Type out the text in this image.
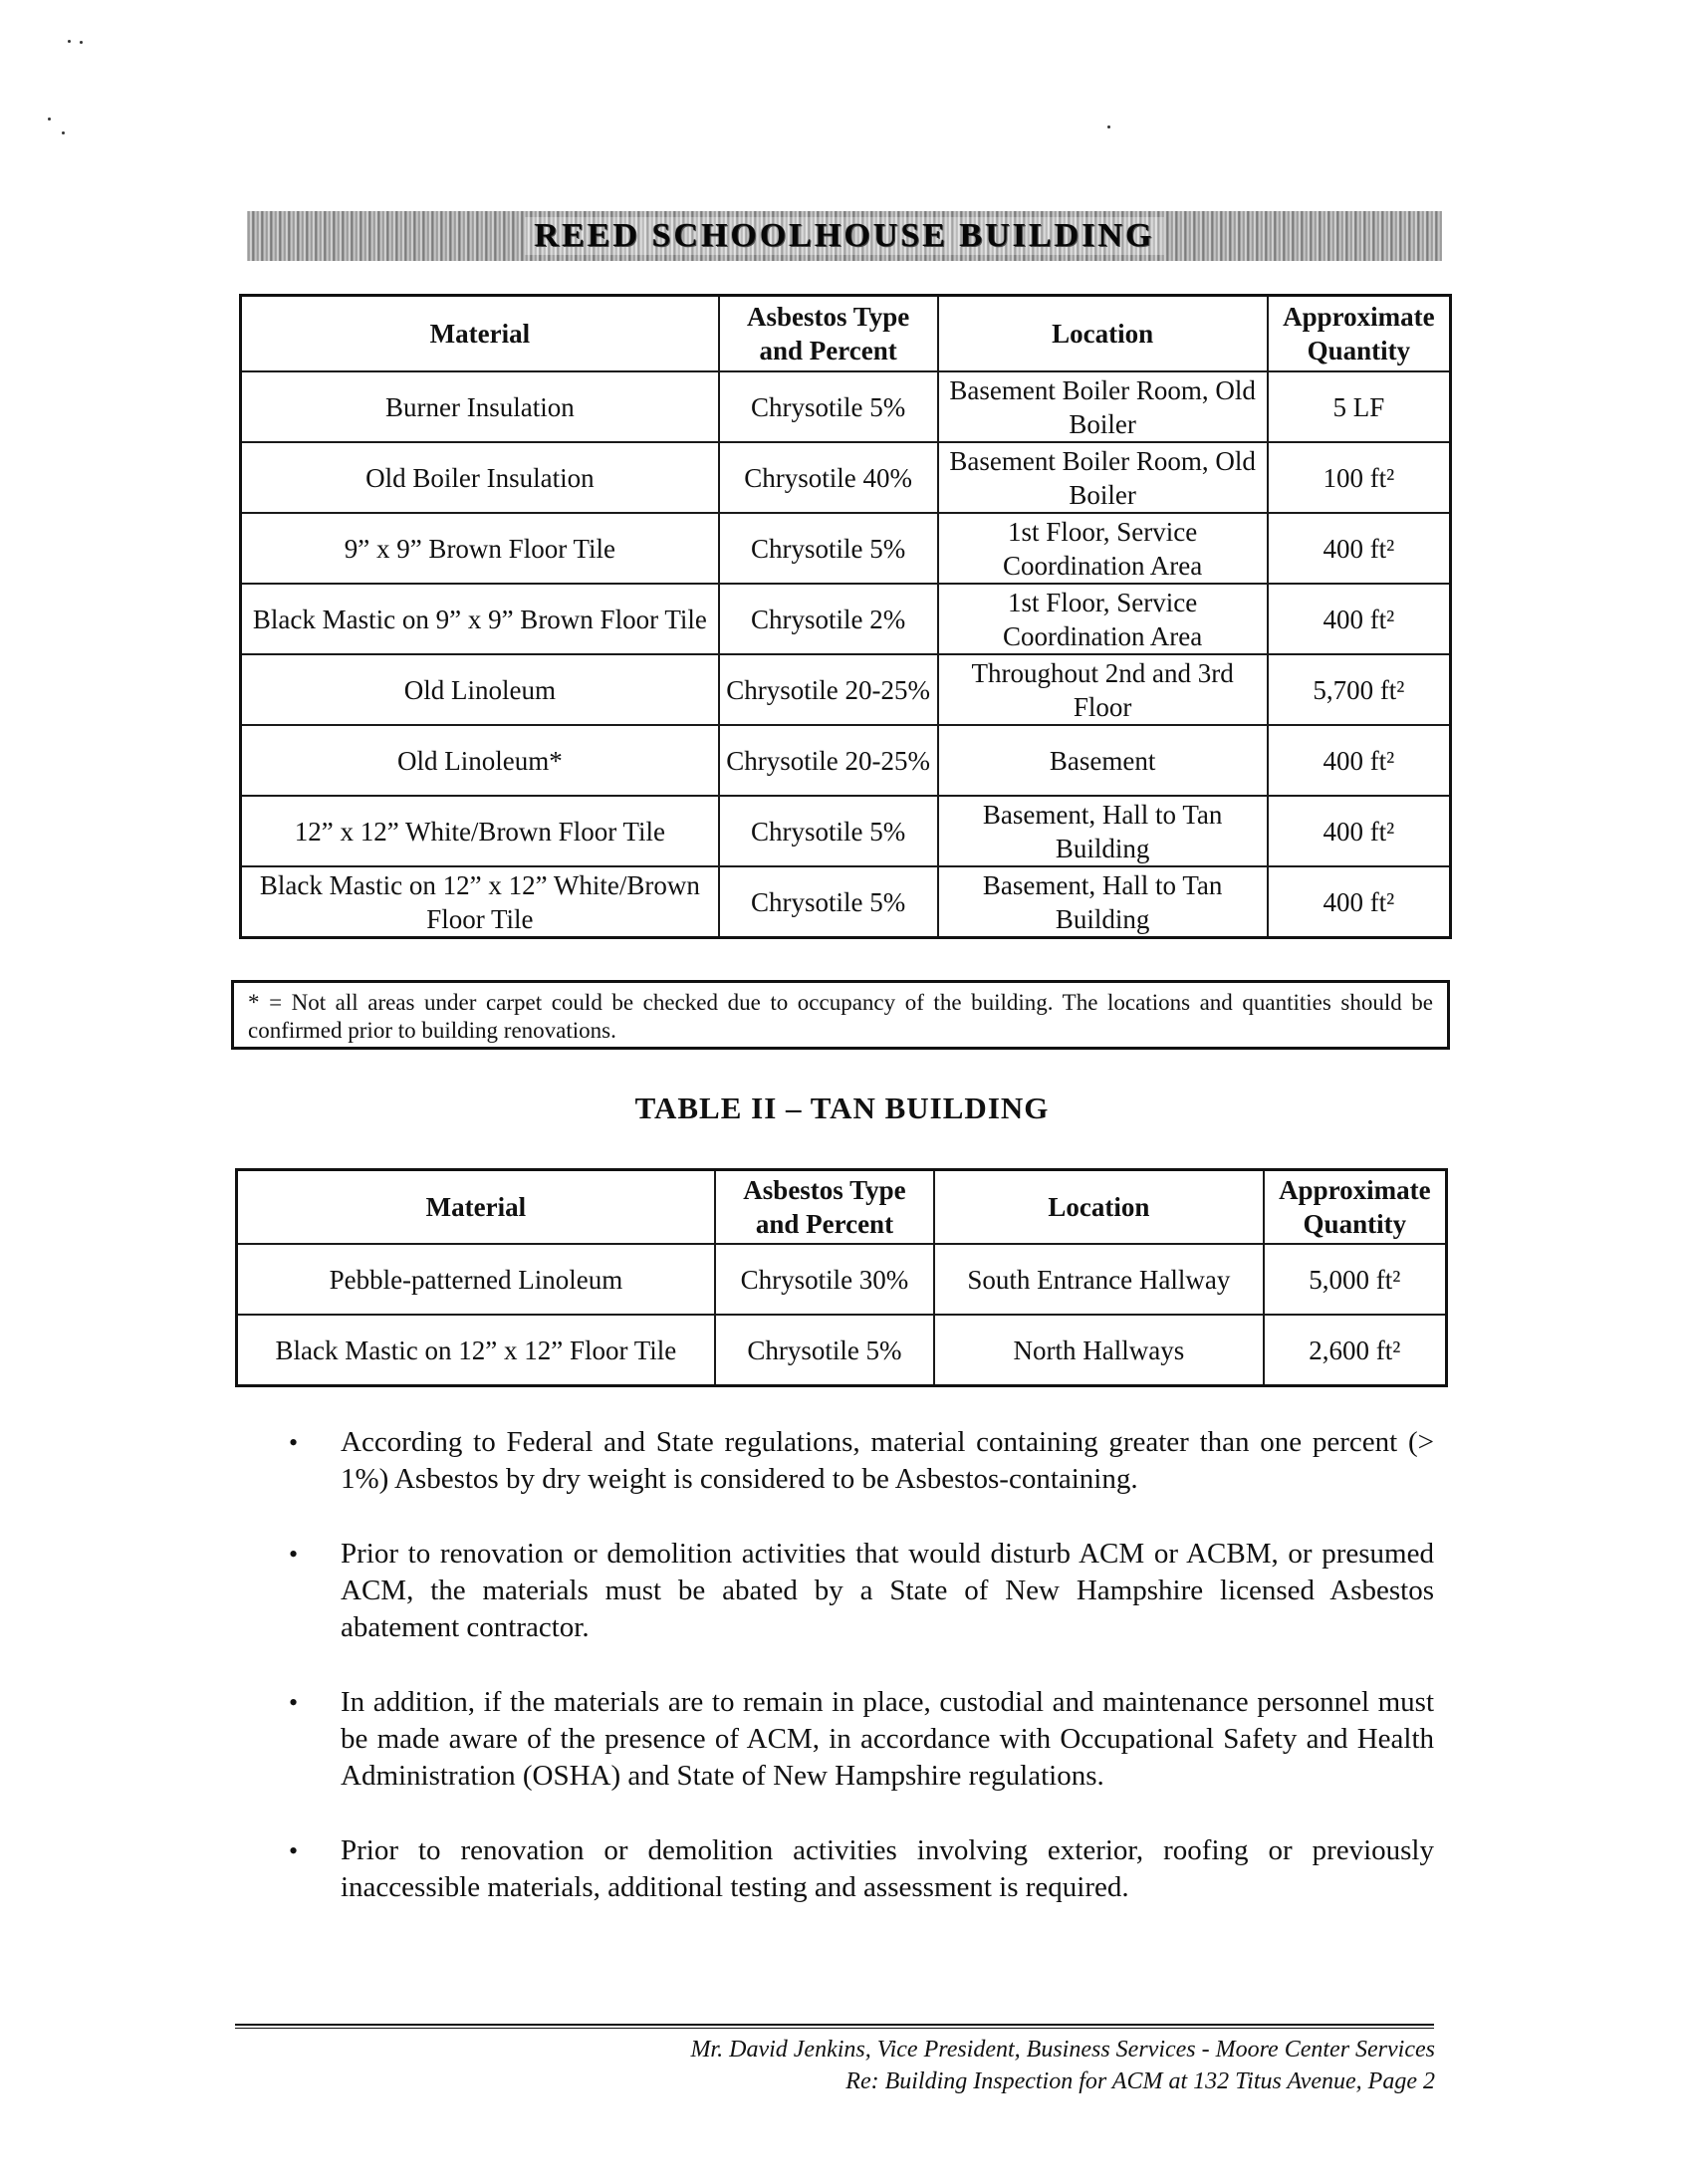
REED SCHOOLHOUSE BUILDING
Material	Asbestos Type and Percent	Location	Approximate Quantity
Burner Insulation	Chrysotile 5%	Basement Boiler Room, Old Boiler	5 LF
Old Boiler Insulation	Chrysotile 40%	Basement Boiler Room, Old Boiler	100 ft²
9” x 9” Brown Floor Tile	Chrysotile 5%	1st Floor, Service Coordination Area	400 ft²
Black Mastic on 9” x 9” Brown Floor Tile	Chrysotile 2%	1st Floor, Service Coordination Area	400 ft²
Old Linoleum	Chrysotile 20-25%	Throughout 2nd and 3rd Floor	5,700 ft²
Old Linoleum*	Chrysotile 20-25%	Basement	400 ft²
12” x 12” White/Brown Floor Tile	Chrysotile 5%	Basement, Hall to Tan Building	400 ft²
Black Mastic on 12” x 12” White/Brown Floor Tile	Chrysotile 5%	Basement, Hall to Tan Building	400 ft²
* = Not all areas under carpet could be checked due to occupancy of the building. The locations and quantities should be confirmed prior to building renovations.
TABLE II – TAN BUILDING
Material	Asbestos Type and Percent	Location	Approximate Quantity
Pebble-patterned Linoleum	Chrysotile 30%	South Entrance Hallway	5,000 ft²
Black Mastic on 12” x 12” Floor Tile	Chrysotile 5%	North Hallways	2,600 ft²
• According to Federal and State regulations, material containing greater than one percent (> 1%) Asbestos by dry weight is considered to be Asbestos-containing.
• Prior to renovation or demolition activities that would disturb ACM or ACBM, or presumed ACM, the materials must be abated by a State of New Hampshire licensed Asbestos abatement contractor.
• In addition, if the materials are to remain in place, custodial and maintenance personnel must be made aware of the presence of ACM, in accordance with Occupational Safety and Health Administration (OSHA) and State of New Hampshire regulations.
• Prior to renovation or demolition activities involving exterior, roofing or previously inaccessible materials, additional testing and assessment is required.
Mr. David Jenkins, Vice President, Business Services - Moore Center Services
Re: Building Inspection for ACM at 132 Titus Avenue, Page 2
